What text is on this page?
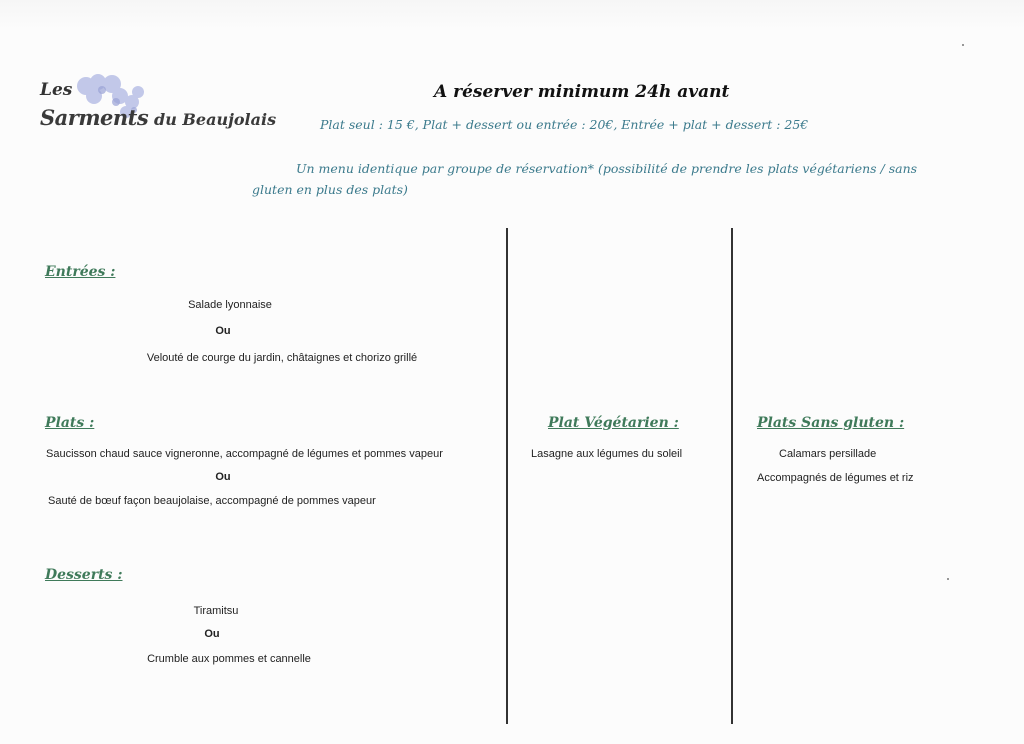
Les
Sarments du Beaujolais
A réserver minimum 24h avant
Plat seul : 15 €, Plat + dessert ou entrée : 20€, Entrée + plat + dessert : 25€
Un menu identique par groupe de réservation* (possibilité de prendre les plats végétariens / sans gluten en plus des plats)
Entrées :
Salade lyonnaise
Ou
Velouté de courge du jardin, châtaignes et chorizo grillé
Plats :
Saucisson chaud sauce vigneronne, accompagné de légumes et pommes vapeur
Ou
Sauté de bœuf façon beaujolaise, accompagné de pommes vapeur
Desserts :
Tiramitsu
Ou
Crumble aux pommes et cannelle
Plat Végétarien :
Lasagne aux légumes du soleil
Plats Sans gluten :
Calamars persillade
Accompagnés de légumes et riz
